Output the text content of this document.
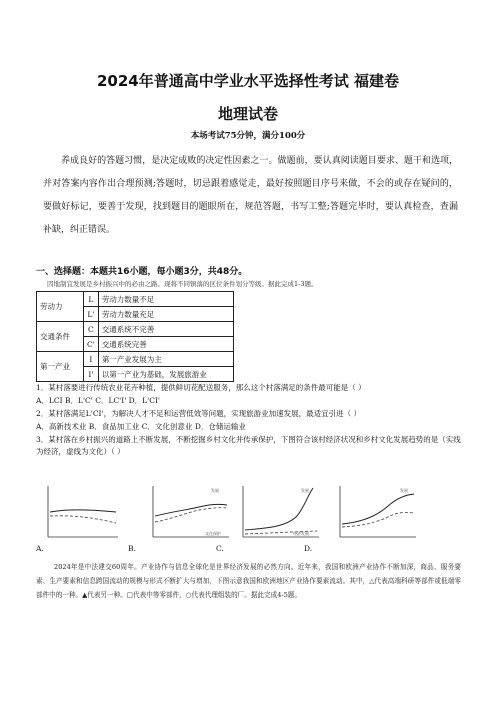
2024年普通高中学业水平选择性考试 福建卷
地理试卷
本场考试75分钟，满分100分
养成良好的答题习惯，是决定成败的决定性因素之一。做题前，要认真阅读题目要求、题干和选项，并对答案内容作出合理预测;答题时，切忌跟着感觉走，最好按照题目序号来做，不会的或存在疑问的，要做好标记，要善于发现，找到题目的题眼所在，规范答题，书写工整;答题完毕时，要认真检查，查漏补缺，纠正错误。
一、选择题：本题共16小题，每小题3分，共48分。
因地制宜发展是乡村振兴中的必由之路。现将不同镇落的区位条件划分等级。据此完成1-3题。
劳动力	L	劳动力数量不足
	L'	劳动力数量充足
交通条件	C	交通系统不完善
	C'	交通系统完善
第一产业	I	第一产业发展为主
	I'	以第一产业为基础，发展旅游业
1．某村落要进行传统农业花卉种植，提供鲜切花配送服务，那么这个村落满足的条件最可能是（ ）
A．LCI B．L'C' C．LC'I' D．L'CI'
2．某村落满足L'CI'，为解决人才不足和运营低效等问题，实现旅游业加速发展，最适宜引进（ ）
A．高新技术业 B．食品加工业 C．文化创意业 D．仓储运输业
3．某村落在乡村振兴的道路上不断发展，不断挖掘乡村文化并传承保护，下图符合该村经济状况和乡村文化发展趋势的是（实线为经济，虚线为文化）（ ）
发展
文化保护
发展
经济发展
发展
A.	B.	C.	D.
2024年是中法建交60周年。产业协作与信息全球化是世界经济发展的必然方向。近年来，我国和欧洲产业协作不断加深，商品、服务要素、生产要素和信息跨国流动的规模与形式不断扩大与增加，下图示意我国和欧洲地区产业协作要素流动。其中，△代表高端科研等部件或低端零部件中的一种。▲代表另一种。□代表中等零部件，○代表代理组装的厂。据此完成4-5题。
